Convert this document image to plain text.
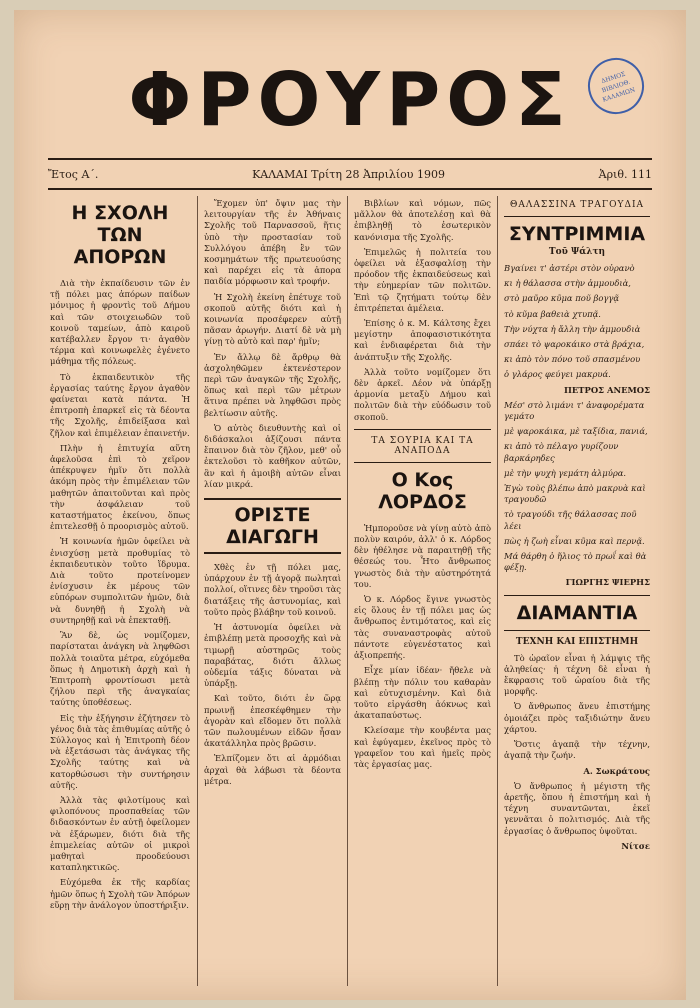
ΦΡΟΥΡΟΣ	ΔΗΜΟΣ ΒΙΒΛΙΟΘ. ΚΑΛΑΜΩΝ
Ἔτος Α΄.	ΚΑΛΑΜΑΙ Τρίτη 28 Ἀπριλίου 1909	Ἀριθ. 111
Η ΣΧΟΛΗ ΤΩΝ ΑΠΟΡΩΝ

Διὰ τὴν ἐκπαίδευσιν τῶν ἐν τῇ πόλει μας ἀπόρων παίδων μόνιμος ἡ φροντὶς τοῦ Δήμου καὶ τῶν στοιχειωδῶν τοῦ κοινοῦ ταμείων, ἀπὸ καιροῦ κατέβαλλεν ἔργον τι· ἀγαθὸν τέρμα καὶ κοινωφελὲς ἐγένετο μάθημα τῆς πόλεως.

Τὸ ἐκπαιδευτικὸν τῆς ἐργασίας ταύτης ἔργον ἀγαθὸν φαίνεται κατὰ πάντα. Ἡ ἐπιτροπὴ ἐπαρκεῖ εἰς τὰ δέοντα τῆς Σχολῆς, ἐπιδείξασα καὶ ζῆλον καὶ ἐπιμέλειαν ἐπαινετήν.

Πλὴν ἡ ἐπιτυχία αὕτη ἀφελοῦσα ἐπὶ τὸ χεῖρον ἀπέκρυψεν ἡμῖν ὅτι πολλὰ ἀκόμη πρὸς τὴν ἐπιμέλειαν τῶν μαθητῶν ἀπαιτοῦνται καὶ πρὸς τὴν ἀσφάλειαν τοῦ καταστήματος ἐκείνου, ὅπως ἐπιτελεσθῇ ὁ προορισμὸς αὐτοῦ.

Ἡ κοινωνία ἡμῶν ὀφείλει νὰ ἐνισχύσῃ μετὰ προθυμίας τὸ ἐκπαιδευτικὸν τοῦτο ἵδρυμα. Διὰ τοῦτο προτείνομεν ἐνίσχυσιν ἐκ μέρους τῶν εὐπόρων συμπολιτῶν ἡμῶν, διὰ νὰ δυνηθῇ ἡ Σχολὴ νὰ συντηρηθῇ καὶ νὰ ἐπεκταθῇ.

Ἂν δὲ, ὡς νομίζομεν, παρίσταται ἀνάγκη νὰ ληφθῶσι πολλὰ τοιαῦτα μέτρα, εὐχόμεθα ὅπως ἡ Δημοτικὴ ἀρχὴ καὶ ἡ Ἐπιτροπὴ φροντίσωσι μετὰ ζήλου περὶ τῆς ἀναγκαίας ταύτης ὑποθέσεως.

Εἰς τὴν ἐξήγησιν ἐζήτησεν τὸ γένος διὰ τὰς ἐπιθυμίας αὐτῆς ὁ Σύλλογος καὶ ἡ Ἐπιτροπὴ δέον νὰ ἐξετάσωσι τὰς ἀνάγκας τῆς Σχολῆς ταύτης καὶ νὰ κατορθώσωσι τὴν συντήρησιν αὐτῆς.

Ἀλλὰ τὰς φιλοτίμους καὶ φιλοπόνους προσπαθείας τῶν διδασκόντων ἐν αὐτῇ ὀφείλομεν νὰ ἐξάρωμεν, διότι διὰ τῆς ἐπιμελείας αὐτῶν οἱ μικροὶ μαθηταὶ προοδεύουσι καταπληκτικῶς.

Εὐχόμεθα ἐκ τῆς καρδίας ἡμῶν ὅπως ἡ Σχολὴ τῶν Ἀπόρων εὕρῃ τὴν ἀνάλογον ὑποστήριξιν.

Ἔχομεν ὑπ' ὄψιν μας τὴν λειτουργίαν τῆς ἐν Ἀθήναις Σχολῆς τοῦ Παρνασσοῦ, ἥτις ὑπὸ τὴν προστασίαν τοῦ Συλλόγου ἀπέβη ἓν τῶν κοσμημάτων τῆς πρωτευούσης καὶ παρέχει εἰς τὰ ἀπορα παιδία μόρφωσιν καὶ τροφήν.

Ἡ Σχολὴ ἐκείνη ἐπέτυχε τοῦ σκοποῦ αὐτῆς διότι καὶ ἡ κοινωνία προσέφερεν αὐτῇ πᾶσαν ἀρωγήν. Διατί δὲ νὰ μὴ γίνῃ τὸ αὐτὸ καὶ παρ' ἡμῖν;

Ἐν ἄλλῳ δὲ ἄρθρῳ θὰ ἀσχοληθῶμεν ἐκτενέστερον περὶ τῶν ἀναγκῶν τῆς Σχολῆς, ὅπως καὶ περὶ τῶν μέτρων ἅτινα πρέπει νὰ ληφθῶσι πρὸς βελτίωσιν αὐτῆς.

Ὁ αὐτὸς διευθυντὴς καὶ οἱ διδάσκαλοι ἀξίζουσι πάντα ἔπαινον διὰ τὸν ζῆλον, μεθ' οὗ ἐκτελοῦσι τὸ καθῆκον αὐτῶν, ἂν καὶ ἡ ἀμοιβὴ αὐτῶν εἶναι λίαν μικρά.

ΟΡΙΣΤΕ ΔΙΑΓΩΓΗ

Χθὲς ἐν τῇ πόλει μας, ὑπάρχουν ἐν τῇ ἀγορᾷ πωληταὶ πολλοί, οἵτινες δὲν τηροῦσι τὰς διατάξεις τῆς ἀστυνομίας, καὶ τοῦτο πρὸς βλάβην τοῦ κοινοῦ.

Ἡ ἀστυνομία ὀφείλει νὰ ἐπιβλέπῃ μετὰ προσοχῆς καὶ νὰ τιμωρῇ αὐστηρῶς τοὺς παραβάτας, διότι ἄλλως οὐδεμία τάξις δύναται νὰ ὑπάρξῃ.

Καὶ τοῦτο, διότι ἐν ὥρᾳ πρωινῇ ἐπεσκέφθημεν τὴν ἀγορὰν καὶ εἴδομεν ὅτι πολλὰ τῶν πωλουμένων εἰδῶν ἦσαν ἀκατάλληλα πρὸς βρῶσιν.

Ἐλπίζομεν ὅτι αἱ ἁρμόδιαι ἀρχαὶ θὰ λάβωσι τὰ δέοντα μέτρα.

Βιβλίων καὶ νόμων, πῶς μᾶλλον θὰ ἀποτελέσῃ καὶ θὰ ἐπιβληθῇ τὸ ἐσωτερικὸν κανόνισμα τῆς Σχολῆς.

Ἐπιμελῶς ἡ πολιτεία του ὀφείλει νὰ ἐξασφαλίσῃ τὴν πρόοδον τῆς ἐκπαιδεύσεως καὶ τὴν εὐημερίαν τῶν πολιτῶν. Ἐπὶ τῷ ζητήματι τούτῳ δὲν ἐπιτρέπεται ἀμέλεια.

Ἐπίσης ὁ κ. Μ. Κάλτσης ἔχει μεγίστην ἀποφασιστικότητα καὶ ἐνδιαφέρεται διὰ τὴν ἀνάπτυξιν τῆς Σχολῆς.

Ἀλλὰ τοῦτο νομίζομεν ὅτι δὲν ἀρκεῖ. Δέον νὰ ὑπάρξῃ ἀρμονία μεταξὺ Δήμου καὶ πολιτῶν διὰ τὴν εὐόδωσιν τοῦ σκοποῦ.

ΤΑ ΣΟΥΡΙΑ ΚΑΙ ΤΑ ΑΝΑΠΟΔΑ
Ο Κος ΛΟΡΔΟΣ

Ἡμποροῦσε νὰ γίνῃ αὐτὸ ἀπὸ πολὺν καιρόν, ἀλλ' ὁ κ. Λόρδος δὲν ἠθέλησε νὰ παραιτηθῇ τῆς θέσεώς του. Ἦτο ἄνθρωπος γνωστὸς διὰ τὴν αὐστηρότητά του.

Ὁ κ. Λόρδος ἔγινε γνωστὸς εἰς ὅλους ἐν τῇ πόλει μας ὡς ἄνθρωπος ἐντιμότατος, καὶ εἰς τὰς συναναστροφὰς αὐτοῦ πάντοτε εὐγενέστατος καὶ ἀξιοπρεπής.

Εἶχε μίαν ἰδέαν· ἤθελε νὰ βλέπῃ τὴν πόλιν του καθαρὰν καὶ εὐτυχισμένην. Καὶ διὰ τοῦτο εἰργάσθη ἀόκνως καὶ ἀκαταπαύστως.

Κλείσαμε τὴν κουβέντα μας καὶ ἐφύγαμεν, ἐκεῖνος πρὸς τὸ γραφεῖον του καὶ ἡμεῖς πρὸς τὰς ἐργασίας μας.

ΘΑΛΑΣΣΙΝΑ ΤΡΑΓΟΥΔΙΑ
ΣΥΝΤΡΙΜΜΙΑ
Τοῦ Ψάλτη

Βγαίνει τ' ἀστέρι στὸν οὐρανὸ

κι ἡ θάλασσα στὴν ἀμμουδιὰ,

στὸ μαῦρο κῦμα ποῦ βογγᾷ

τὸ κῦμα βαθειὰ χτυπᾷ.

Τὴν νύχτα ἡ ἄλλη τὴν ἀμμουδιὰ

σπάει τὸ ψαροκάικο στὰ βράχια,

κι ἀπὸ τὸν πόνο τοῦ σπασμένου

ὁ γλάρος φεύγει μακρυά.

ΠΕΤΡΟΣ ΑΝΕΜΟΣ

Μέσ' στὸ λιμάνι τ' ἀναφορέματα γεμάτο

μὲ ψαροκάικα, μὲ ταξίδια, πανιά,

κι ἀπὸ τὸ πέλαγο γυρίζουν βαρκάρηδες

μὲ τὴν ψυχὴ γεμάτη ἀλμύρα.

Ἐγὼ τοὺς βλέπω ἀπὸ μακρυὰ καὶ τραγουδῶ

τὸ τραγούδι τῆς θάλασσας ποῦ λέει

πὼς ἡ ζωὴ εἶναι κῦμα καὶ περνᾷ.

Μά θάρθη ὁ ἥλιος τὸ πρωΐ καὶ θὰ φέξῃ.

ΓΙΩΡΓΗΣ ΨΙΕΡΗΣ

ΔΙΑΜΑΝΤΙΑ
ΤΕΧΝΗ ΚΑΙ ΕΠΙΣΤΗΜΗ

Τὸ ὡραῖον εἶναι ἡ λάμψις τῆς ἀληθείας· ἡ τέχνη δὲ εἶναι ἡ ἔκφρασις τοῦ ὡραίου διὰ τῆς μορφῆς.

Ὁ ἄνθρωπος ἄνευ ἐπιστήμης ὁμοιάζει πρὸς ταξιδιώτην ἄνευ χάρτου.

Ὅστις ἀγαπᾷ τὴν τέχνην, ἀγαπᾷ τὴν ζωήν.

Α. Σωκράτους

Ὁ ἄνθρωπος ἡ μέγιστη τῆς ἀρετῆς, ὅπου ἡ ἐπιστήμη καὶ ἡ τέχνη συναντῶνται, ἐκεῖ γεννᾶται ὁ πολιτισμός. Διὰ τῆς ἐργασίας ὁ ἄνθρωπος ὑψοῦται.

Νίτσε
